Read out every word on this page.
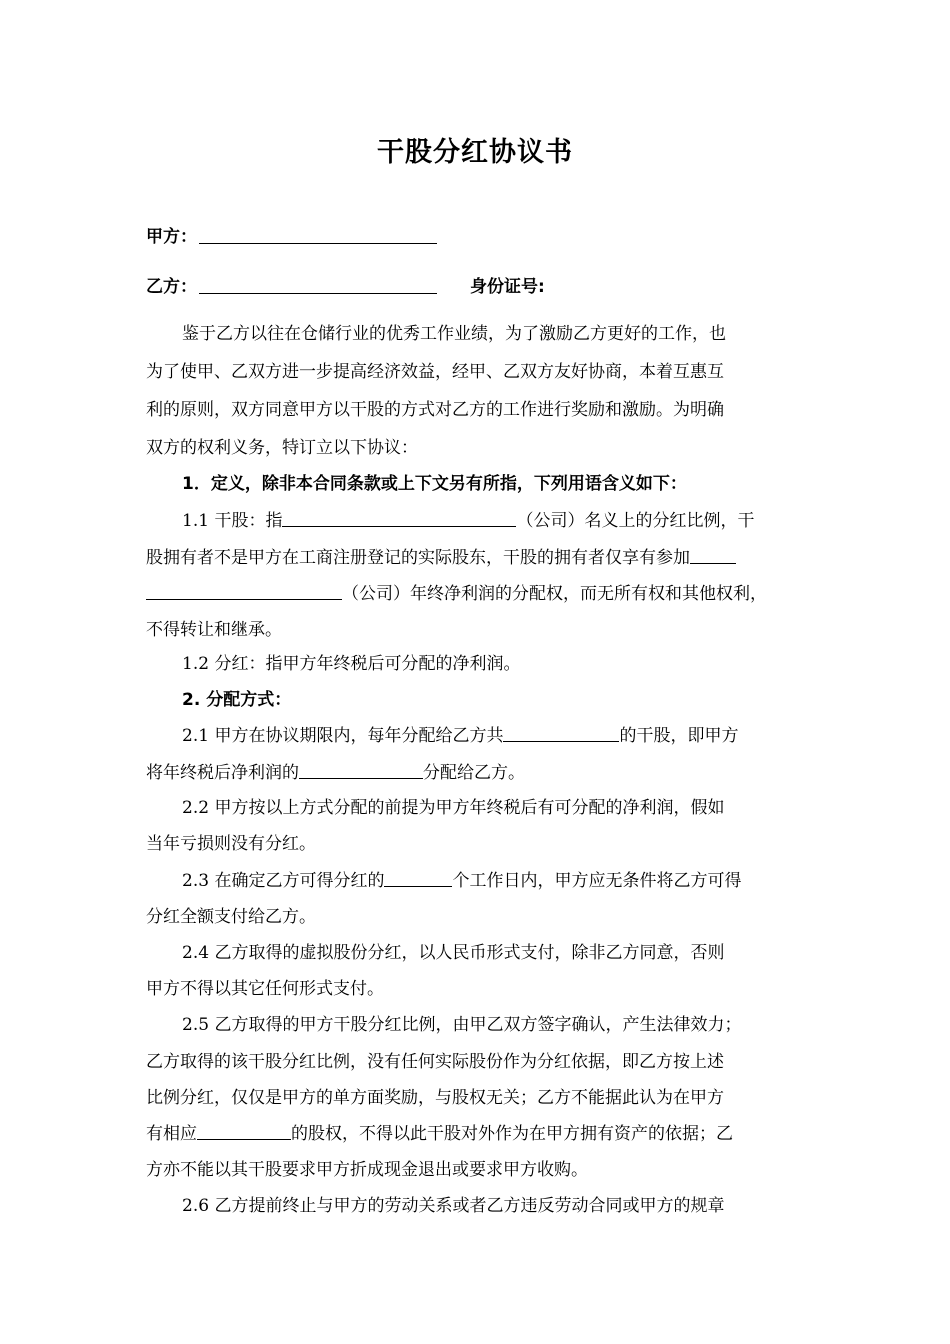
干股分红协议书
甲方：
乙方：	身份证号:
鉴于乙方以往在仓储行业的优秀工作业绩，为了激励乙方更好的工作，也
为了使甲、乙双方进一步提高经济效益，经甲、乙双方友好协商，本着互惠互
利的原则，双方同意甲方以干股的方式对乙方的工作进行奖励和激励。为明确
双方的权利义务，特订立以下协议：
1．定义，除非本合同条款或上下文另有所指，下列用语含义如下：
1.1 干股：指	（公司）名义上的分红比例，干
股拥有者不是甲方在工商注册登记的实际股东，干股的拥有者仅享有参加
（公司）年终净利润的分配权，而无所有权和其他权利，
不得转让和继承。
1.2 分红：指甲方年终税后可分配的净利润。
2. 分配方式：
2.1 甲方在协议期限内，每年分配给乙方共	的干股，即甲方
将年终税后净利润的	分配给乙方。
2.2 甲方按以上方式分配的前提为甲方年终税后有可分配的净利润，假如
当年亏损则没有分红。
2.3 在确定乙方可得分红的	个工作日内，甲方应无条件将乙方可得
分红全额支付给乙方。
2.4 乙方取得的虚拟股份分红，以人民币形式支付，除非乙方同意，否则
甲方不得以其它任何形式支付。
2.5 乙方取得的甲方干股分红比例，由甲乙双方签字确认，产生法律效力；
乙方取得的该干股分红比例，没有任何实际股份作为分红依据，即乙方按上述
比例分红，仅仅是甲方的单方面奖励，与股权无关；乙方不能据此认为在甲方
有相应	的股权，不得以此干股对外作为在甲方拥有资产的依据；乙
方亦不能以其干股要求甲方折成现金退出或要求甲方收购。
2.6 乙方提前终止与甲方的劳动关系或者乙方违反劳动合同或甲方的规章
